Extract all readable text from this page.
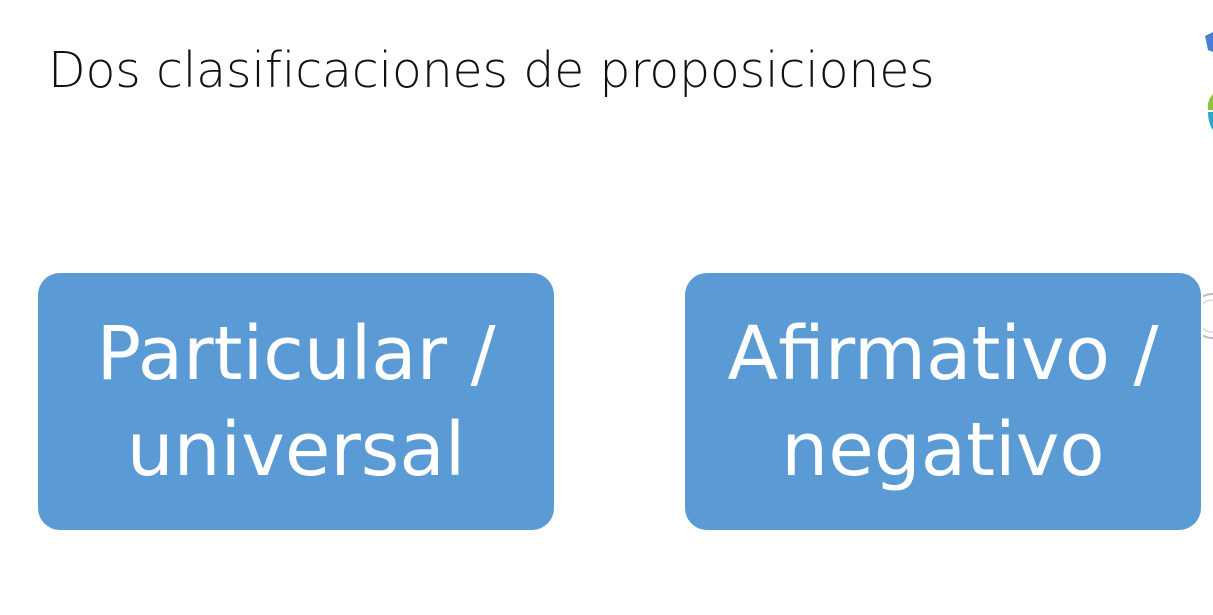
Dos clasificaciones de proposiciones
Particular /
universal
Afirmativo /
negativo
